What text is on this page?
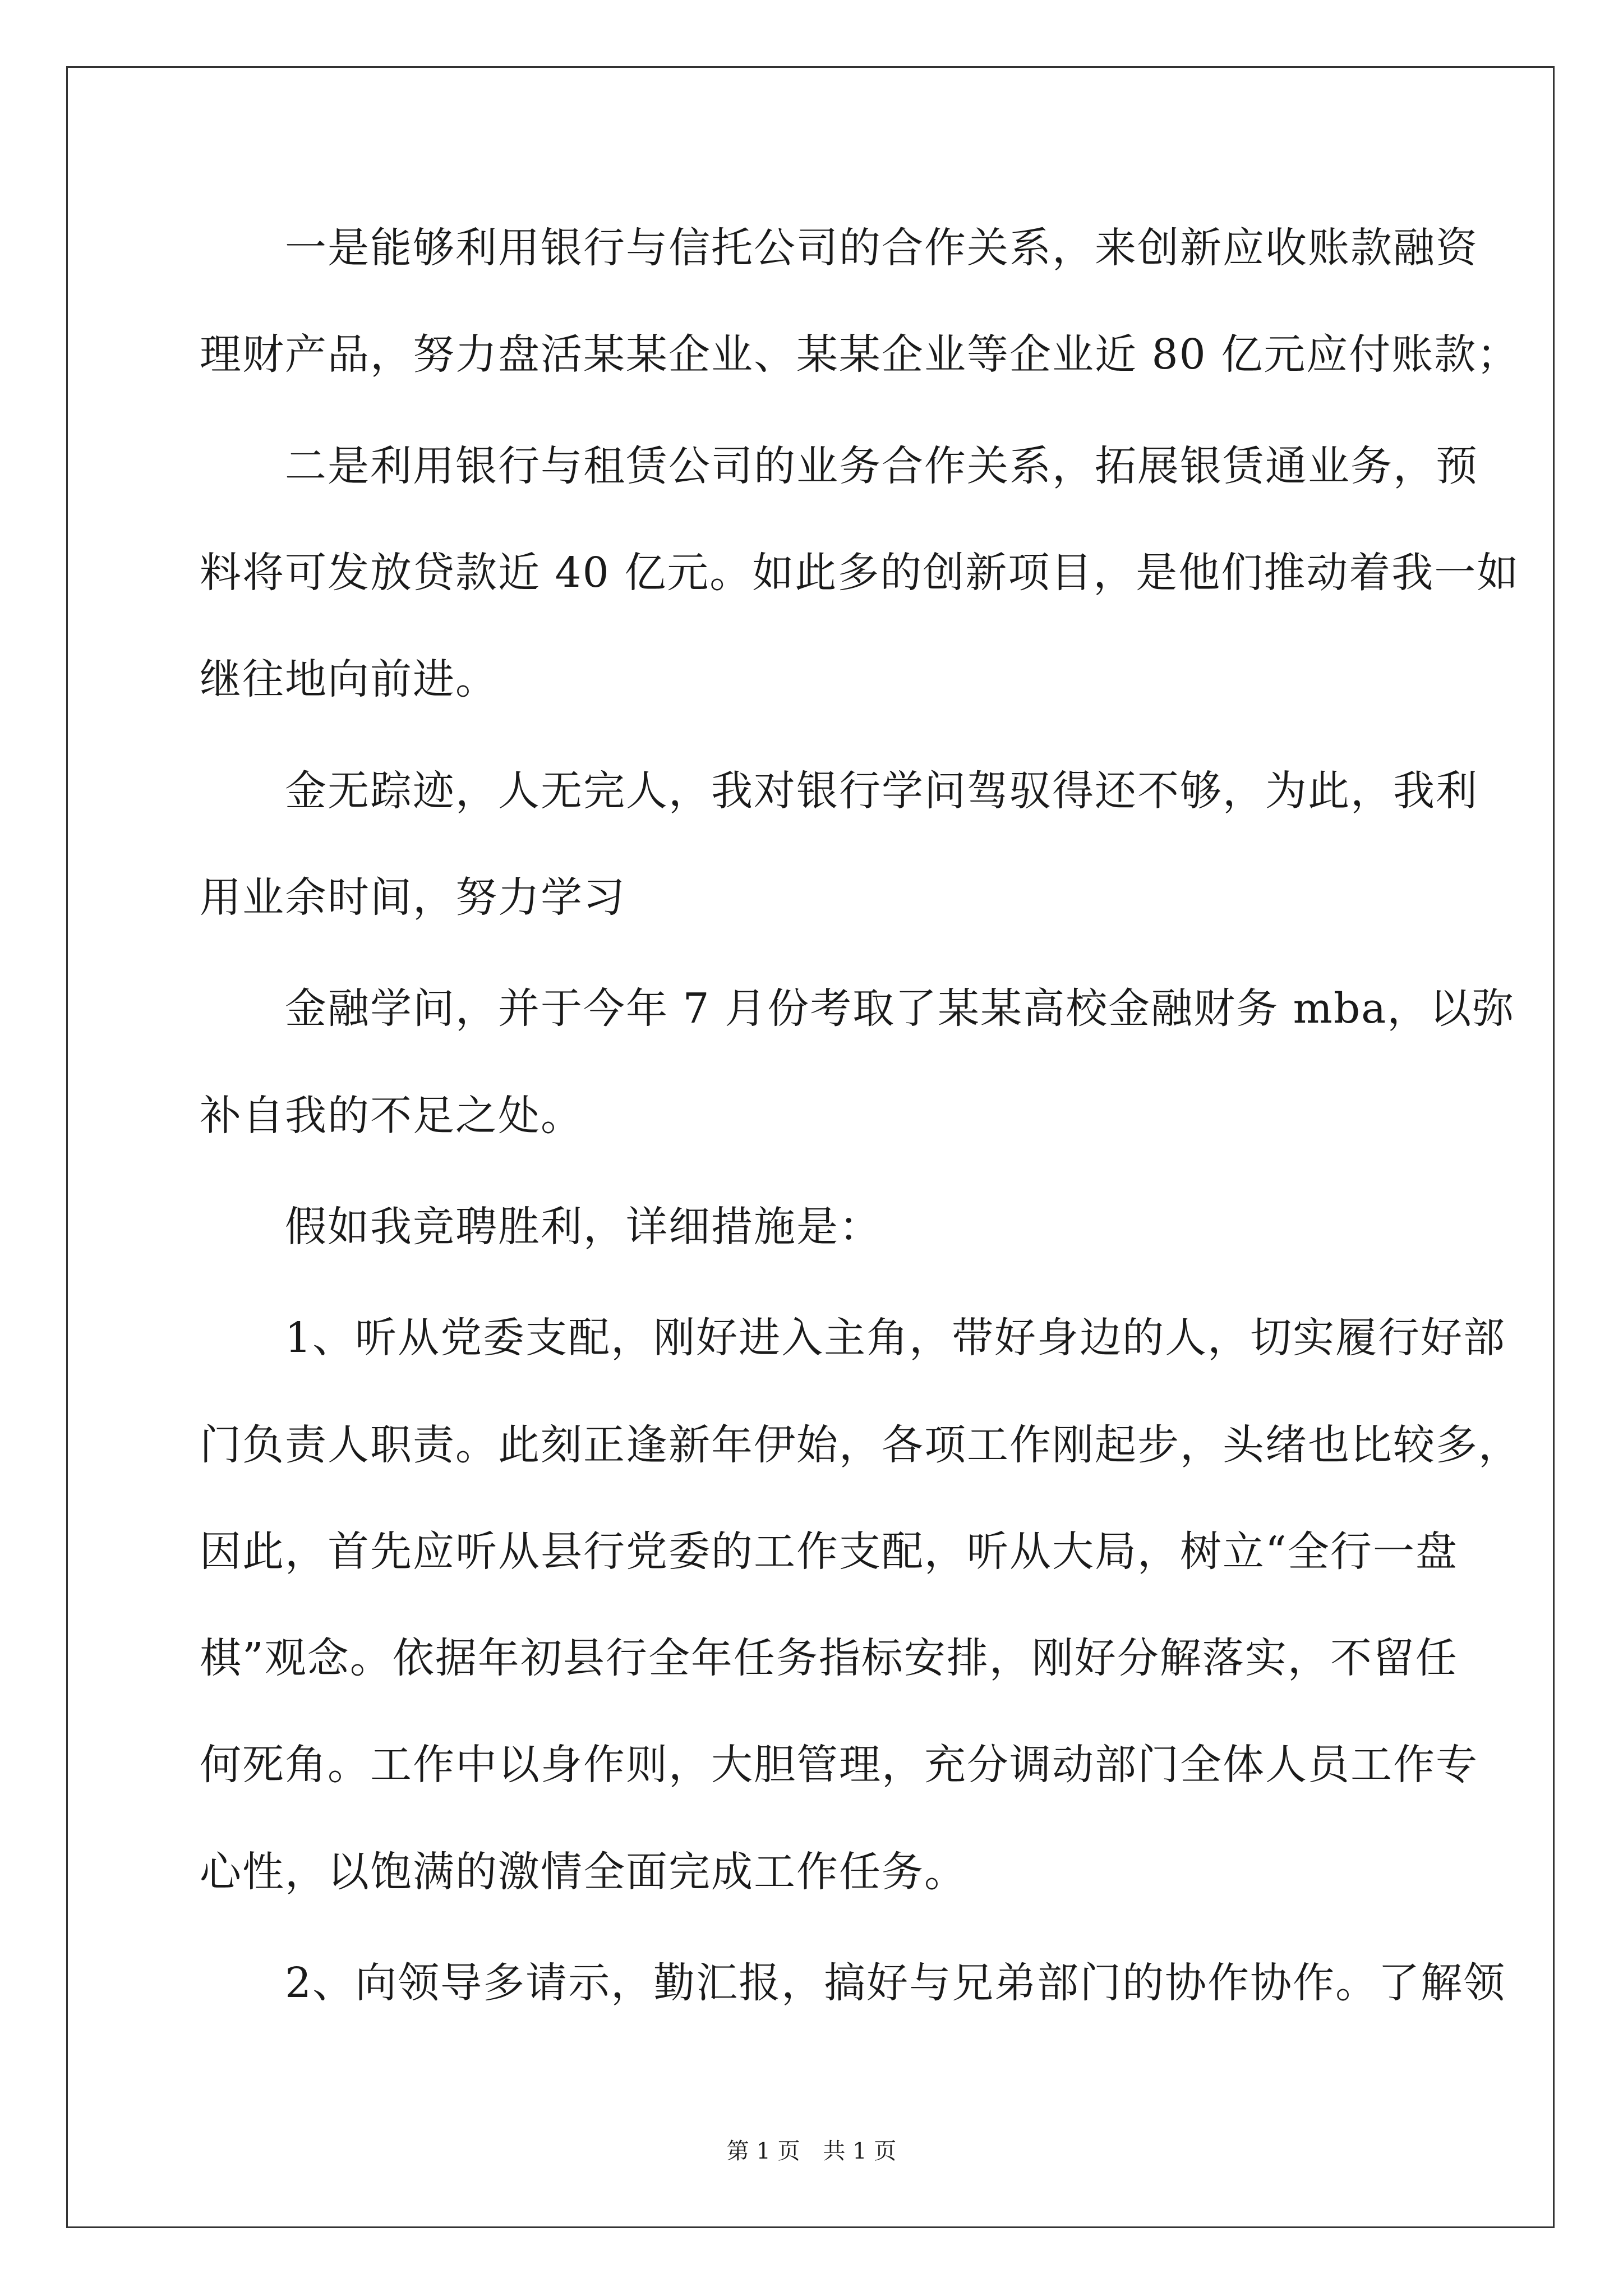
　　一是能够利用银行与信托公司的合作关系，来创新应收账款融资
理财产品，努力盘活某某企业、某某企业等企业近 80 亿元应付账款；
　　二是利用银行与租赁公司的业务合作关系，拓展银赁通业务，预
料将可发放贷款近 40 亿元。如此多的创新项目，是他们推动着我一如
继往地向前进。
　　金无踪迹，人无完人，我对银行学问驾驭得还不够，为此，我利
用业余时间，努力学习
　　金融学问，并于今年 7 月份考取了某某高校金融财务 mba，以弥
补自我的不足之处。
　　假如我竞聘胜利，详细措施是：
　　1、听从党委支配，刚好进入主角，带好身边的人，切实履行好部
门负责人职责。此刻正逢新年伊始，各项工作刚起步，头绪也比较多，
因此，首先应听从县行党委的工作支配，听从大局，树立“全行一盘
棋”观念。依据年初县行全年任务指标安排，刚好分解落实，不留任
何死角。工作中以身作则，大胆管理，充分调动部门全体人员工作专
心性，以饱满的激情全面完成工作任务。
　　2、向领导多请示，勤汇报，搞好与兄弟部门的协作协作。了解领
第 1 页 共 1 页
